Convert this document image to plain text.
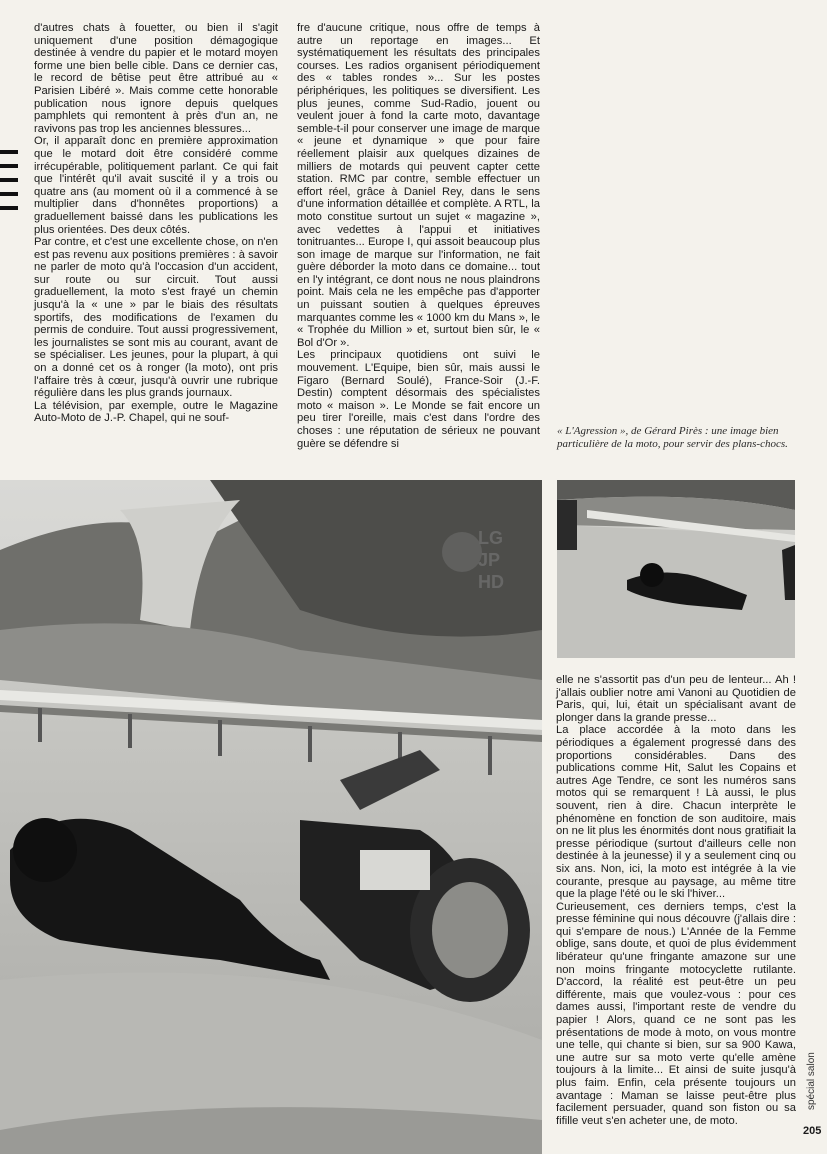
d'autres chats à fouetter, ou bien il s'agit uniquement d'une position démagogique destinée à vendre du papier et le motard moyen forme une bien belle cible. Dans ce dernier cas, le record de bêtise peut être attribué au « Parisien Libéré ». Mais comme cette honorable publication nous ignore depuis quelques pamphlets qui remontent à près d'un an, ne ravivons pas trop les anciennes blessures...

Or, il apparaît donc en première approximation que le motard doit être considéré comme irrécupérable, politiquement parlant. Ce qui fait que l'intérêt qu'il avait suscité il y a trois ou quatre ans (au moment où il a commencé à se multiplier dans d'honnêtes proportions) a graduellement baissé dans les publications les plus orientées. Des deux côtés.

Par contre, et c'est une excellente chose, on n'en est pas revenu aux positions premières : à savoir ne parler de moto qu'à l'occasion d'un accident, sur route ou sur circuit. Tout aussi graduellement, la moto s'est frayé un chemin jusqu'à la « une » par le biais des résultats sportifs, des modifications de l'examen du permis de conduire. Tout aussi progressivement, les journalistes se sont mis au courant, avant de se spécialiser. Les jeunes, pour la plupart, à qui on a donné cet os à ronger (la moto), ont pris l'affaire très à cœur, jusqu'à ouvrir une rubrique régulière dans les plus grands journaux.

La télévision, par exemple, outre le Magazine Auto-Moto de J.-P. Chapel, qui ne souf-

fre d'aucune critique, nous offre de temps à autre un reportage en images... Et systématiquement les résultats des principales courses. Les radios organisent périodiquement des « tables rondes »... Sur les postes périphériques, les politiques se diversifient. Les plus jeunes, comme Sud-Radio, jouent ou veulent jouer à fond la carte moto, davantage semble-t-il pour conserver une image de marque « jeune et dynamique » que pour faire réellement plaisir aux quelques dizaines de milliers de motards qui peuvent capter cette station. RMC par contre, semble effectuer un effort réel, grâce à Daniel Rey, dans le sens d'une information détaillée et complète. A RTL, la moto constitue surtout un sujet « magazine », avec vedettes à l'appui et initiatives tonitruantes... Europe I, qui assoit beaucoup plus son image de marque sur l'information, ne fait guère déborder la moto dans ce domaine... tout en l'y intégrant, ce dont nous ne nous plaindrons point. Mais cela ne les empêche pas d'apporter un puissant soutien à quelques épreuves marquantes comme les « 1000 km du Mans », le « Trophée du Million » et, surtout bien sûr, le « Bol d'Or ».

Les principaux quotidiens ont suivi le mouvement. L'Equipe, bien sûr, mais aussi le Figaro (Bernard Soulé), France-Soir (J.-F. Destin) comptent désormais des spécialistes moto « maison ». Le Monde se fait encore un peu tirer l'oreille, mais c'est dans l'ordre des choses : une réputation de sérieux ne pouvant guère se défendre si

« L'Agression », de Gérard Pirès : une image bien particulière de la moto, pour servir des plans-chocs.
LG
JP
HD

elle ne s'assortit pas d'un peu de lenteur... Ah ! j'allais oublier notre ami Vanoni au Quotidien de Paris, qui, lui, était un spécialisant avant de plonger dans la grande presse...

La place accordée à la moto dans les périodiques a également progressé dans des proportions considérables. Dans des publications comme Hit, Salut les Copains et autres Age Tendre, ce sont les numéros sans motos qui se remarquent ! Là aussi, le plus souvent, rien à dire. Chacun interprète le phénomène en fonction de son auditoire, mais on ne lit plus les énormités dont nous gratifiait la presse périodique (surtout d'ailleurs celle non destinée à la jeunesse) il y a seulement cinq ou six ans. Non, ici, la moto est intégrée à la vie courante, presque au paysage, au même titre que la plage l'été ou le ski l'hiver...

Curieusement, ces derniers temps, c'est la presse féminine qui nous découvre (j'allais dire : qui s'empare de nous.) L'Année de la Femme oblige, sans doute, et quoi de plus évidemment libérateur qu'une fringante amazone sur une non moins fringante motocyclette rutilante. D'accord, la réalité est peut-être un peu différente, mais que voulez-vous : pour ces dames aussi, l'important reste de vendre du papier ! Alors, quand ce ne sont pas les présentations de mode à moto, on vous montre une telle, qui chante si bien, sur sa 900 Kawa, une autre sur sa moto verte qu'elle amène toujours à la limite... Et ainsi de suite jusqu'à plus faim. Enfin, cela présente toujours un avantage : Maman se laisse peut-être plus facilement persuader, quand son fiston ou sa fifille veut s'en acheter une, de moto.

spécial salon
205
